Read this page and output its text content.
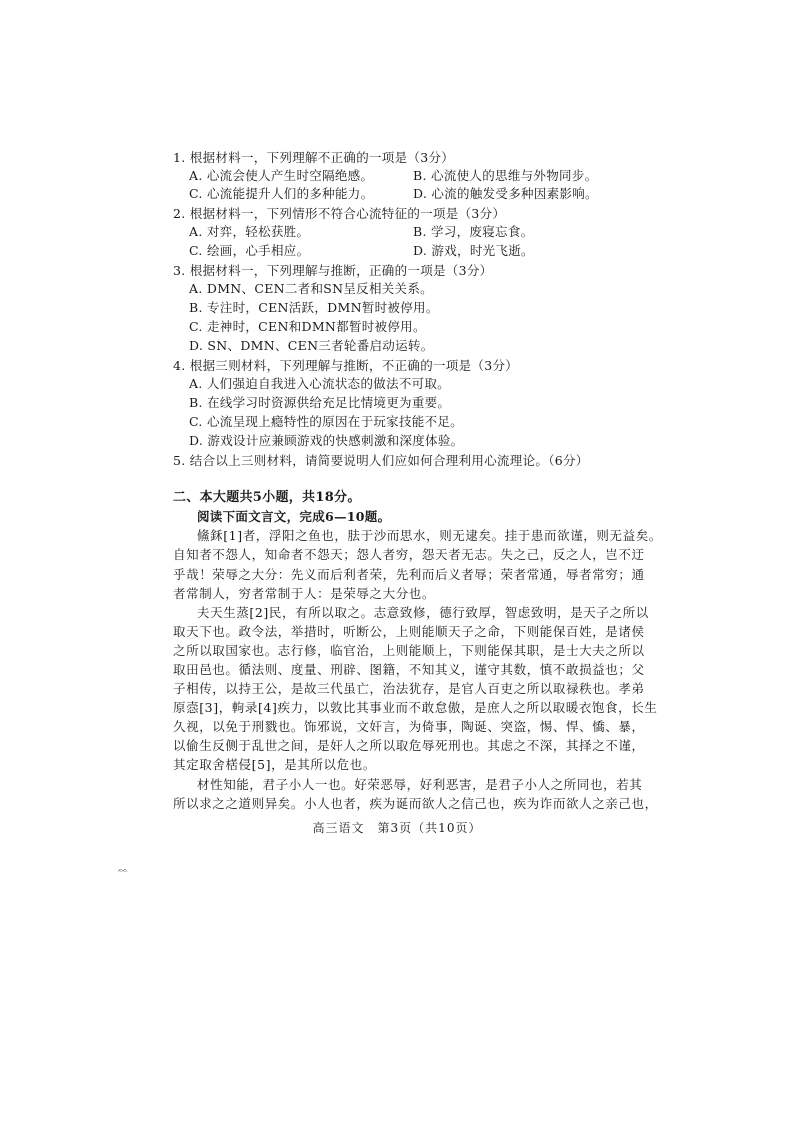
1. 根据材料一，下列理解不正确的一项是（3分）
A. 心流会使人产生时空隔绝感。	B. 心流使人的思维与外物同步。
C. 心流能提升人们的多种能力。	D. 心流的触发受多种因素影响。
2. 根据材料一，下列情形不符合心流特征的一项是（3分）
A. 对弈，轻松获胜。	B. 学习，废寝忘食。
C. 绘画，心手相应。	D. 游戏，时光飞逝。
3. 根据材料一，下列理解与推断，正确的一项是（3分）
A. DMN、CEN二者和SN呈反相关关系。
B. 专注时，CEN活跃，DMN暂时被停用。
C. 走神时，CEN和DMN都暂时被停用。
D. SN、DMN、CEN三者轮番启动运转。
4. 根据三则材料，下列理解与推断，不正确的一项是（3分）
A. 人们强迫自我进入心流状态的做法不可取。
B. 在线学习时资源供给充足比情境更为重要。
C. 心流呈现上瘾特性的原因在于玩家技能不足。
D. 游戏设计应兼顾游戏的快感刺激和深度体验。
5. 结合以上三则材料，请简要说明人们应如何合理利用心流理论。（6分）
二、本大题共5小题，共18分。
阅读下面文言文，完成6—10题。
鯈鉌[1]者，浮阳之鱼也，胠于沙而思水，则无逮矣。挂于患而欲谨，则无益矣。
自知者不怨人，知命者不怨天；怨人者穷，怨天者无志。失之己，反之人，岂不迂
乎哉！荣辱之大分：先义而后利者荣，先利而后义者辱；荣者常通，辱者常穷；通
者常制人，穷者常制于人：是荣辱之大分也。
夫天生蒸[2]民，有所以取之。志意致修，德行致厚，智虑致明，是天子之所以
取天下也。政令法，举措时，听断公，上则能顺天子之命，下则能保百姓，是诸侯
之所以取国家也。志行修，临官治，上则能顺上，下则能保其职，是士大夫之所以
取田邑也。循法则、度量、刑辟、图籍，不知其义，谨守其数，慎不敢损益也；父
子相传，以持王公，是故三代虽亡，治法犹存，是官人百吏之所以取禄秩也。孝弟
原悫[3]，軥录[4]疾力，以敦比其事业而不敢怠傲，是庶人之所以取暖衣饱食，长生
久视，以免于刑戮也。饰邪说，文奸言，为倚事，陶诞、突盗，惕、悍、憍、暴，
以偷生反侧于乱世之间，是奸人之所以取危辱死刑也。其虑之不深，其择之不谨，
其定取舍楛侵[5]，是其所以危也。
材性知能，君子小人一也。好荣恶辱，好利恶害，是君子小人之所同也，若其
所以求之之道则异矣。小人也者，疾为诞而欲人之信己也，疾为诈而欲人之亲己也，
高三语文　第3页（共10页）
ᨐ
